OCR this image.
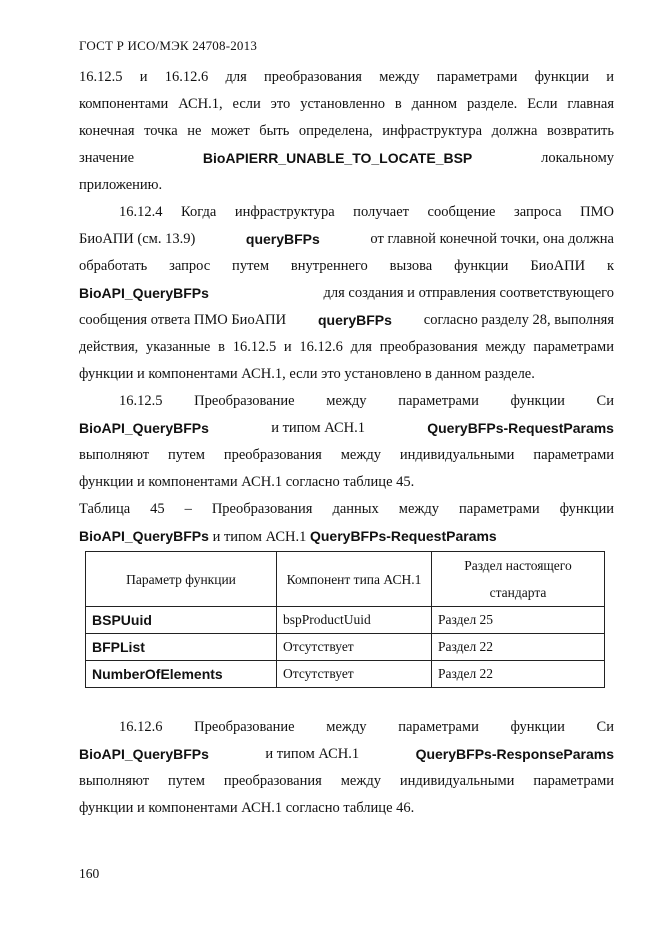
ГОСТ Р ИСО/МЭК 24708-2013
16.12.5 и 16.12.6 для преобразования между параметрами функции и
компонентами АСН.1, если это установленно в данном разделе. Если главная
конечная точка не может быть определена, инфраструктура должна возвратить
значение	BioAPIERR_UNABLE_TO_LOCATE_BSP	локальному
приложению.
16.12.4 Когда инфраструктура получает сообщение запроса ПМО
БиоАПИ (см. 13.9)	queryBFPs	от главной конечной точки, она должна
обработать запрос путем внутреннего вызова функции БиоАПИ к
BioAPI_QueryBFPs	для создания и отправления соответствующего
сообщения ответа ПМО БиоАПИ queryBFPs согласно разделу 28, выполняя
действия, указанные в 16.12.5 и 16.12.6 для преобразования между параметрами
функции и компонентами АСН.1, если это установлено в данном разделе.
16.12.5 Преобразование между параметрами функции Си
BioAPI_QueryBFPs	и типом АСН.1	QueryBFPs-RequestParams
выполняют путем преобразования между индивидуальными параметрами
функции и компонентами АСН.1 согласно таблице 45.
Таблица 45 – Преобразования данных между параметрами функции
BioAPI_QueryBFPs и типом АСН.1 QueryBFPs-RequestParams
Параметр функции	Компонент типа АСН.1	Раздел настоящего стандарта
BSPUuid	bspProductUuid	Раздел 25
BFPList	Отсутствует	Раздел 22
NumberOfElements	Отсутствует	Раздел 22
16.12.6 Преобразование между параметрами функции Си
BioAPI_QueryBFPs	и типом АСН.1	QueryBFPs-ResponseParams
выполняют путем преобразования между индивидуальными параметрами
функции и компонентами АСН.1 согласно таблице 46.
160
